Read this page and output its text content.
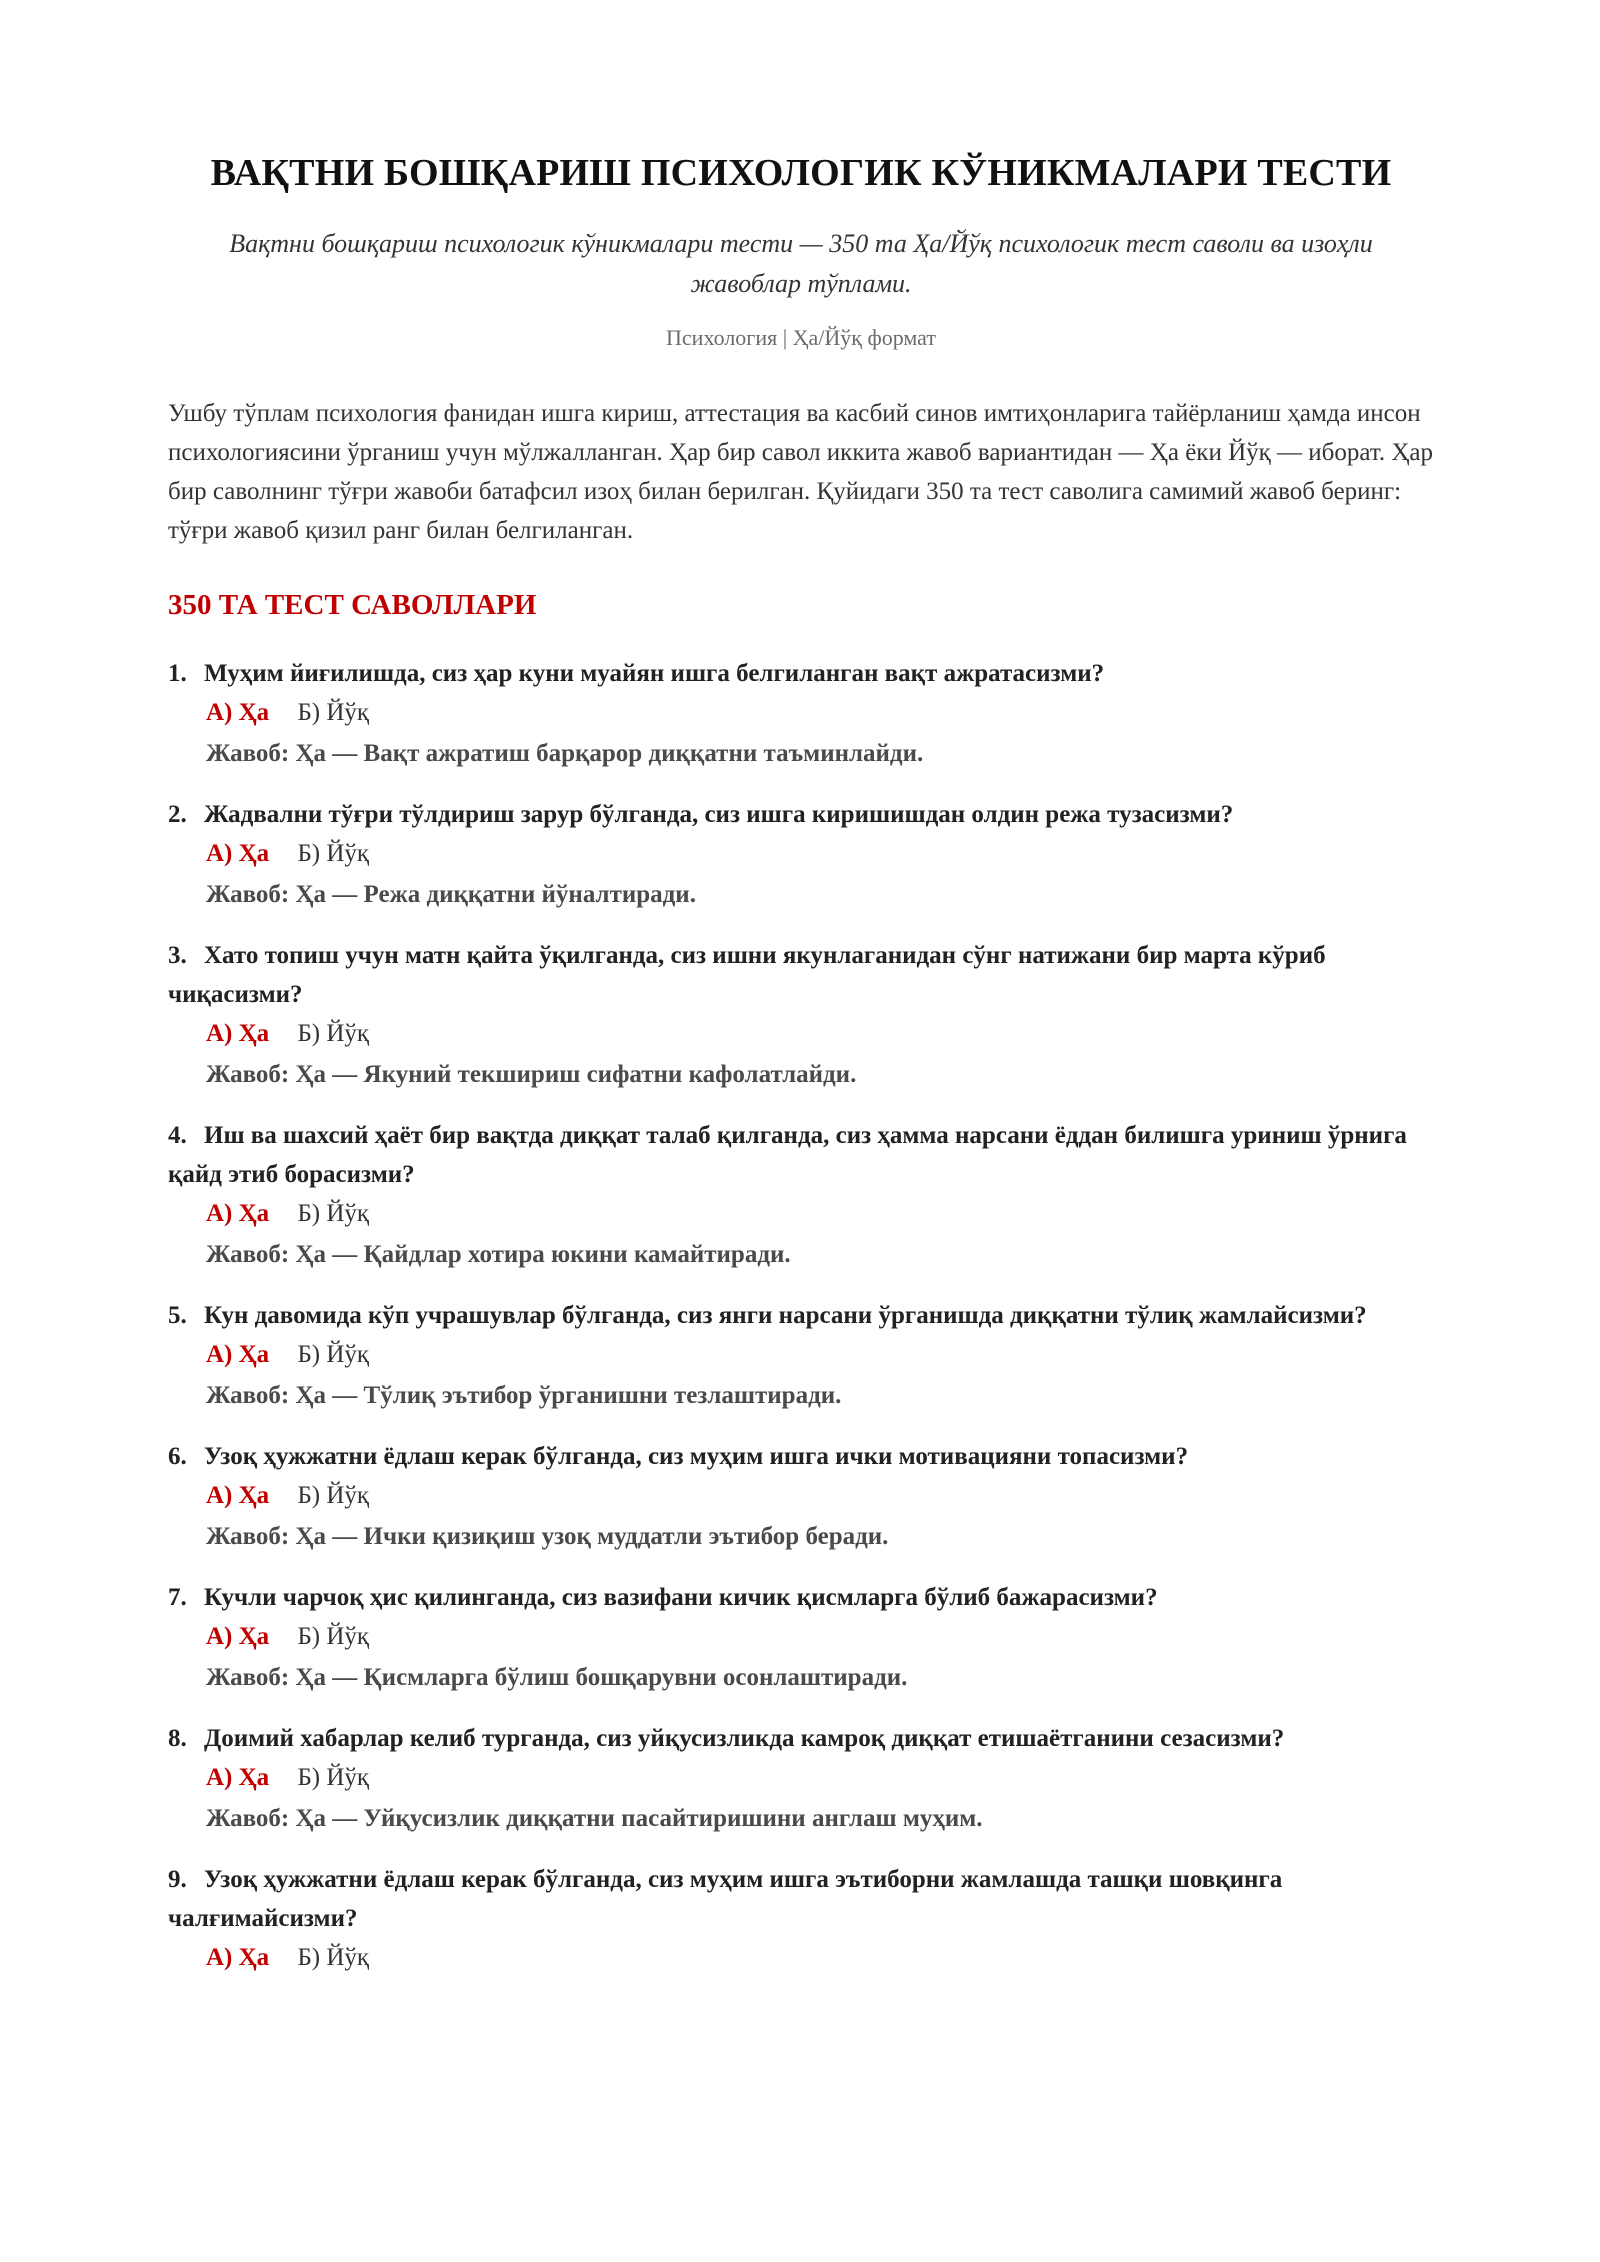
ВАҚТНИ БОШҚАРИШ ПСИХОЛОГИК КЎНИКМАЛАРИ ТЕСТИ

Вақтни бошқариш психологик кўникмалари тести — 350 та Ҳа/Йўқ психологик тест саволи ва изоҳли жавоблар тўплами.

Психология | Ҳа/Йўқ формат

Ушбу тўплам психология фанидан ишга кириш, аттестация ва касбий синов имтиҳонларига тайёрланиш ҳамда инсон психологиясини ўрганиш учун мўлжалланган. Ҳар бир савол иккита жавоб вариантидан — Ҳа ёки Йўқ — иборат. Ҳар бир саволнинг тўғри жавоби батафсил изоҳ билан берилган. Қуйидаги 350 та тест саволига самимий жавоб беринг: тўғри жавоб қизил ранг билан белгиланган.

350 ТА ТЕСТ САВОЛЛАРИ
1. Муҳим йиғилишда, сиз ҳар куни муайян ишга белгиланган вақт ажратасизми?
А) Ҳа Б) Йўқ
Жавоб: Ҳа — Вақт ажратиш барқарор диққатни таъминлайди.
2. Жадвални тўғри тўлдириш зарур бўлганда, сиз ишга киришишдан олдин режа тузасизми?
А) Ҳа Б) Йўқ
Жавоб: Ҳа — Режа диққатни йўналтиради.
3. Хато топиш учун матн қайта ўқилганда, сиз ишни якунлаганидан сўнг натижани бир марта кўриб чиқасизми?
А) Ҳа Б) Йўқ
Жавоб: Ҳа — Якуний текшириш сифатни кафолатлайди.
4. Иш ва шахсий ҳаёт бир вақтда диққат талаб қилганда, сиз ҳамма нарсани ёддан билишга уриниш ўрнига қайд этиб борасизми?
А) Ҳа Б) Йўқ
Жавоб: Ҳа — Қайдлар хотира юкини камайтиради.
5. Кун давомида кўп учрашувлар бўлганда, сиз янги нарсани ўрганишда диққатни тўлиқ жамлайсизми?
А) Ҳа Б) Йўқ
Жавоб: Ҳа — Тўлиқ эътибор ўрганишни тезлаштиради.
6. Узоқ ҳужжатни ёдлаш керак бўлганда, сиз муҳим ишга ички мотивацияни топасизми?
А) Ҳа Б) Йўқ
Жавоб: Ҳа — Ички қизиқиш узоқ муддатли эътибор беради.
7. Кучли чарчоқ ҳис қилинганда, сиз вазифани кичик қисмларга бўлиб бажарасизми?
А) Ҳа Б) Йўқ
Жавоб: Ҳа — Қисмларга бўлиш бошқарувни осонлаштиради.
8. Доимий хабарлар келиб турганда, сиз уйқусизликда камроқ диққат етишаётганини сезасизми?
А) Ҳа Б) Йўқ
Жавоб: Ҳа — Уйқусизлик диққатни пасайтиришини англаш муҳим.
9. Узоқ ҳужжатни ёдлаш керак бўлганда, сиз муҳим ишга эътиборни жамлашда ташқи шовқинга чалғимайсизми?
А) Ҳа Б) Йўқ
